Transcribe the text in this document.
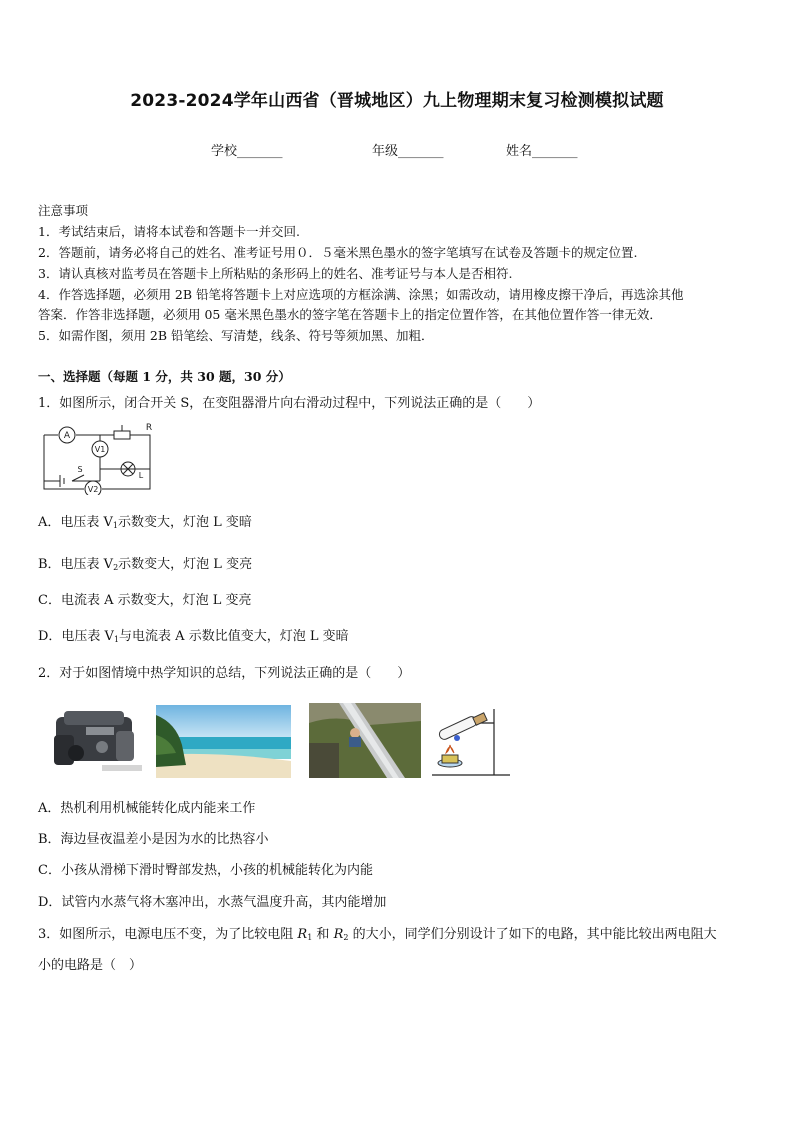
2023-2024学年山西省（晋城地区）九上物理期末复习检测模拟试题
学校_______	年级_______	姓名_______
注意事项
1．考试结束后，请将本试卷和答题卡一并交回.
2．答题前，请务必将自己的姓名、准考证号用０．５毫米黑色墨水的签字笔填写在试卷及答题卡的规定位置.
3．请认真核对监考员在答题卡上所粘贴的条形码上的姓名、准考证号与本人是否相符.
4．作答选择题，必须用 2B 铅笔将答题卡上对应选项的方框涂满、涂黑；如需改动，请用橡皮擦干净后，再选涂其他
答案．作答非选择题，必须用 05 毫米黑色墨水的签字笔在答题卡上的指定位置作答，在其他位置作答一律无效．
5．如需作图，须用 2B 铅笔绘、写清楚，线条、符号等须加黑、加粗．
一、选择题（每题 1 分，共 30 题，30 分）
1．如图所示，闭合开关 S，在变阻器滑片向右滑动过程中，下列说法正确的是（　　）
A
V1
V2
R
S
L
A．电压表 $V_1$示数变大，灯泡 L 变暗
B．电压表 $V_2$示数变大，灯泡 L 变亮
C．电流表 A 示数变大，灯泡 L 变亮
D．电压表 $V_1$与电流表 A 示数比值变大，灯泡 L 变暗
2．对于如图情境中热学知识的总结，下列说法正确的是（　　）
A．热机利用机械能转化成内能来工作
B．海边昼夜温差小是因为水的比热容小
C．小孩从滑梯下滑时臀部发热，小孩的机械能转化为内能
D．试管内水蒸气将木塞冲出，水蒸气温度升高，其内能增加
3．如图所示，电源电压不变，为了比较电阻 $R_1$ 和 $R_2$ 的大小，同学们分别设计了如下的电路，其中能比较出两电阻大
小的电路是（　）
